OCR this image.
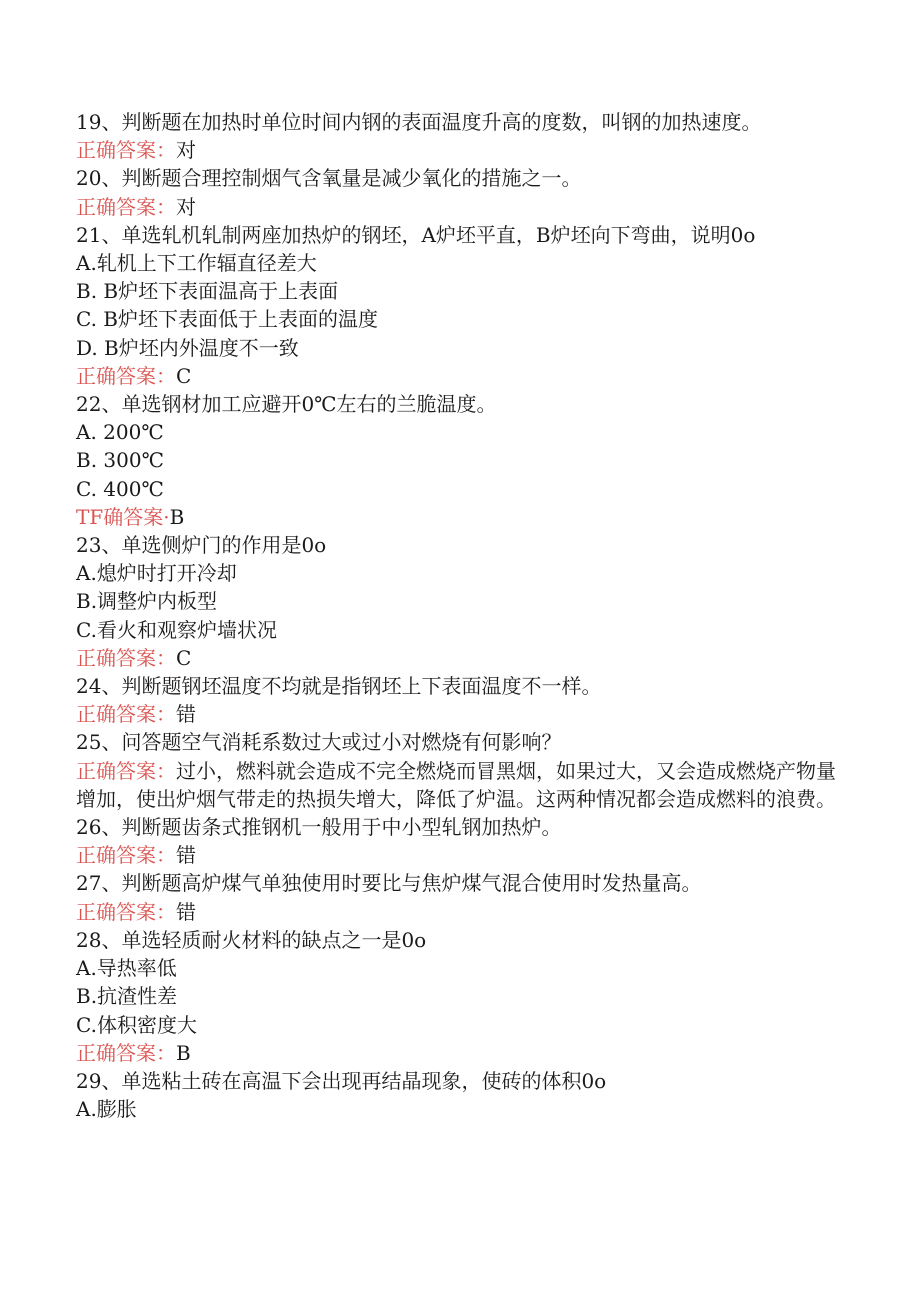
19、判断题在加热时单位时间内钢的表面温度升高的度数，叫钢的加热速度。
正确答案：对
20、判断题合理控制烟气含氧量是减少氧化的措施之一。
正确答案：对
21、单选轧机轧制两座加热炉的钢坯，A炉坯平直，B炉坯向下弯曲，说明0o
A.轧机上下工作辐直径差大
B. B炉坯下表面温高于上表面
C. B炉坯下表面低于上表面的温度
D. B炉坯内外温度不一致
正确答案：C
22、单选钢材加工应避开0℃左右的兰脆温度。
A. 200℃
B. 300℃
C. 400℃
TF确答案·B
23、单选侧炉门的作用是0o
A.熄炉时打开冷却
B.调整炉内板型
C.看火和观察炉墙状况
正确答案：C
24、判断题钢坯温度不均就是指钢坯上下表面温度不一样。
正确答案：错
25、问答题空气消耗系数过大或过小对燃烧有何影响？
正确答案：过小，燃料就会造成不完全燃烧而冒黑烟，如果过大，又会造成燃烧产物量增加，使出炉烟气带走的热损失增大，降低了炉温。这两种情况都会造成燃料的浪费。
26、判断题齿条式推钢机一般用于中小型轧钢加热炉。
正确答案：错
27、判断题高炉煤气单独使用时要比与焦炉煤气混合使用时发热量高。
正确答案：错
28、单选轻质耐火材料的缺点之一是0o
A.导热率低
B.抗渣性差
C.体积密度大
正确答案：B
29、单选粘土砖在高温下会出现再结晶现象，使砖的体积0o
A.膨胀
